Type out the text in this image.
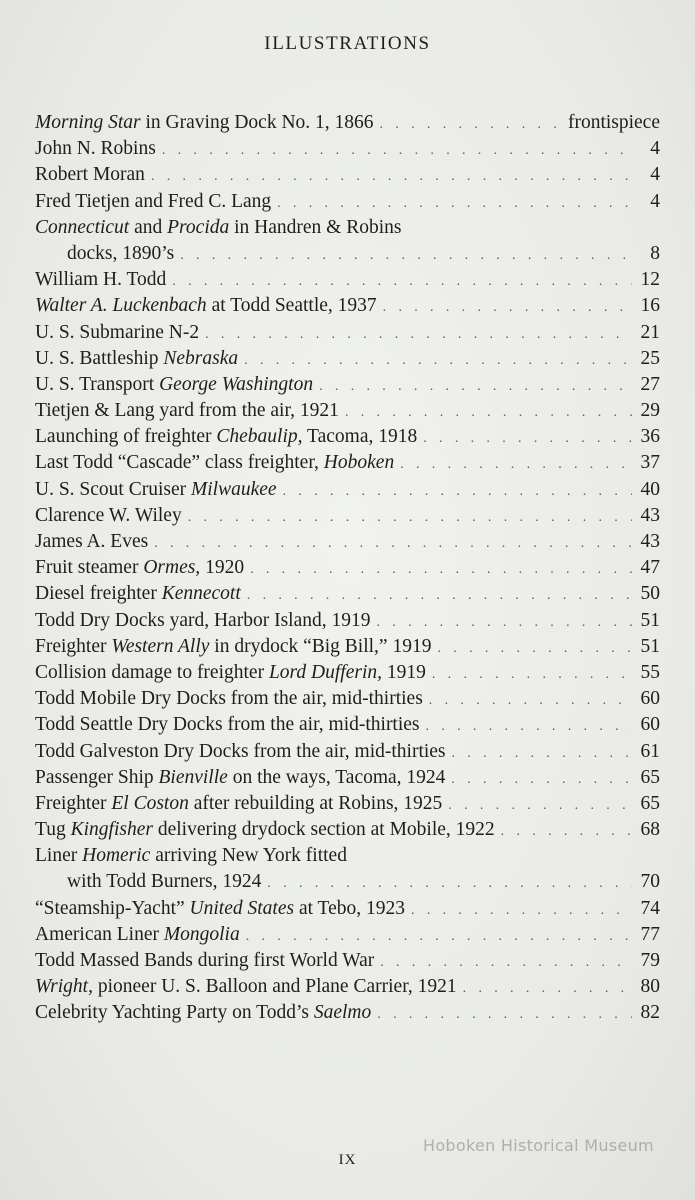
ILLUSTRATIONS
Morning Star in Graving Dock No. 1, 1866 . . .	frontispiece
John N. Robins . . .	4
Robert Moran . . .	4
Fred Tietjen and Fred C. Lang . . .	4
Connecticut and Procida in Handren & Robins
docks, 1890’s . . .	8
William H. Todd . . .	12
Walter A. Luckenbach at Todd Seattle, 1937 . . .	16
U. S. Submarine N-2 . . .	21
U. S. Battleship Nebraska . . .	25
U. S. Transport George Washington . . .	27
Tietjen & Lang yard from the air, 1921 . . .	29
Launching of freighter Chebaulip, Tacoma, 1918 . . .	36
Last Todd “Cascade” class freighter, Hoboken . . .	37
U. S. Scout Cruiser Milwaukee . . .	40
Clarence W. Wiley . . .	43
James A. Eves . . .	43
Fruit steamer Ormes, 1920 . . .	47
Diesel freighter Kennecott . . .	50
Todd Dry Docks yard, Harbor Island, 1919 . . .	51
Freighter Western Ally in drydock “Big Bill,” 1919 . . .	51
Collision damage to freighter Lord Dufferin, 1919 . . .	55
Todd Mobile Dry Docks from the air, mid-thirties . . .	60
Todd Seattle Dry Docks from the air, mid-thirties . . .	60
Todd Galveston Dry Docks from the air, mid-thirties . . .	61
Passenger Ship Bienville on the ways, Tacoma, 1924 . . .	65
Freighter El Coston after rebuilding at Robins, 1925 . . .	65
Tug Kingfisher delivering drydock section at Mobile, 1922 . . .	68
Liner Homeric arriving New York fitted
with Todd Burners, 1924 . . .	70
“Steamship-Yacht” United States at Tebo, 1923 . . .	74
American Liner Mongolia . . .	77
Todd Massed Bands during first World War . . .	79
Wright, pioneer U. S. Balloon and Plane Carrier, 1921 . . .	80
Celebrity Yachting Party on Todd’s Saelmo . . .	82
Hoboken Historical Museum
IX
